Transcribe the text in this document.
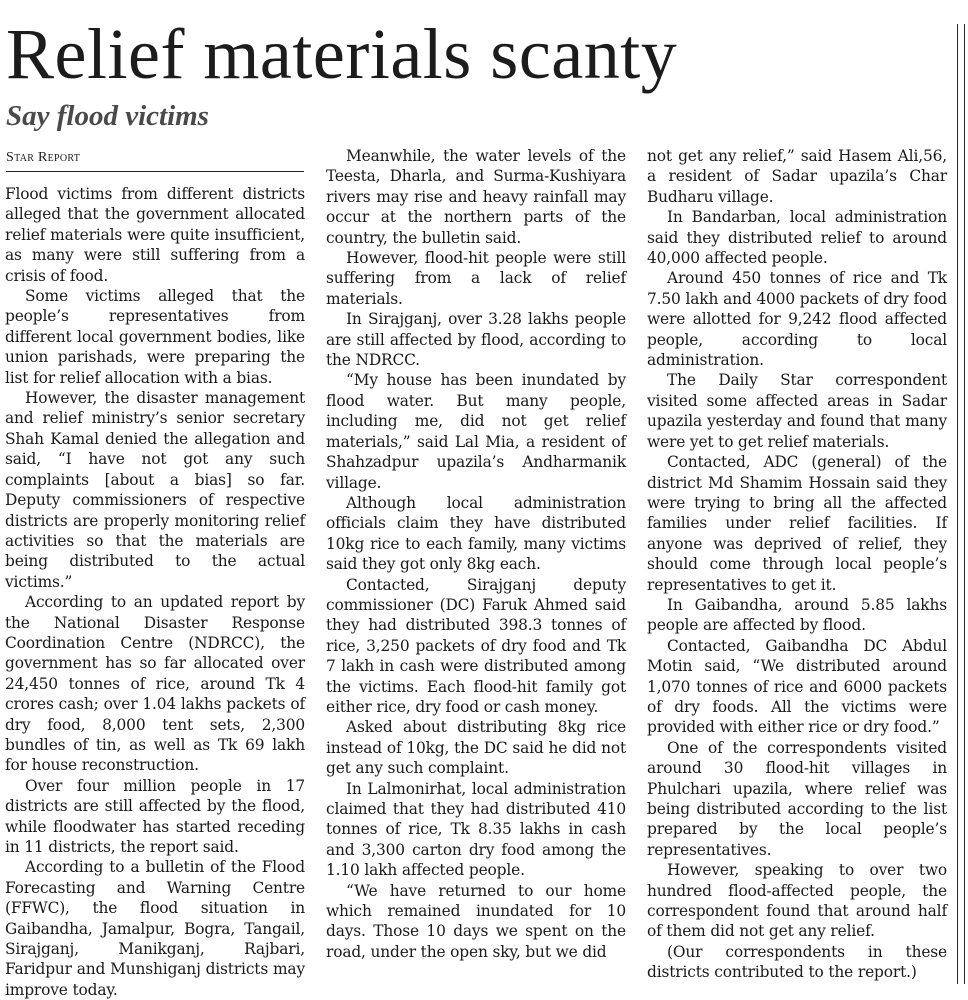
Relief materials scanty
Say flood victims
Star Report

Flood victims from different districts alleged that the government allocated relief materials were quite insufficient, as many were still suffering from a crisis of food.

Some victims alleged that the people’s representatives from different local government bodies, like union parishads, were preparing the list for relief allocation with a bias.

However, the disaster management and relief ministry’s senior secretary Shah Kamal denied the allegation and said, “I have not got any such complaints [about a bias] so far. Deputy commissioners of respective districts are properly monitoring relief activities so that the materials are being distributed to the actual victims.”

According to an updated report by the National Disaster Response Coordination Centre (NDRCC), the government has so far allocated over 24,450 tonnes of rice, around Tk 4 crores cash; over 1.04 lakhs packets of dry food, 8,000 tent sets, 2,300 bundles of tin, as well as Tk 69 lakh for house reconstruction.

Over four million people in 17 districts are still affected by the flood, while floodwater has started receding in 11 districts, the report said.

According to a bulletin of the Flood Forecasting and Warning Centre (FFWC), the flood situation in Gaibandha, Jamalpur, Bogra, Tangail, Sirajganj, Manikganj, Rajbari, Faridpur and Munshiganj districts may improve today.

Meanwhile, the water levels of the Teesta, Dharla, and Surma-Kushiyara rivers may rise and heavy rainfall may occur at the northern parts of the country, the bulletin said.

However, flood-hit people were still suffering from a lack of relief materials.

In Sirajganj, over 3.28 lakhs people are still affected by flood, according to the NDRCC.

“My house has been inundated by flood water. But many people, including me, did not get relief materials,” said Lal Mia, a resident of Shahzadpur upazila’s Andharmanik village.

Although local administration officials claim they have distributed 10kg rice to each family, many victims said they got only 8kg each.

Contacted, Sirajganj deputy commissioner (DC) Faruk Ahmed said they had distributed 398.3 tonnes of rice, 3,250 packets of dry food and Tk 7 lakh in cash were distributed among the victims. Each flood-hit family got either rice, dry food or cash money.

Asked about distributing 8kg rice instead of 10kg, the DC said he did not get any such complaint.

In Lalmonirhat, local administration claimed that they had distributed 410 tonnes of rice, Tk 8.35 lakhs in cash and 3,300 carton dry food among the 1.10 lakh affected people.

“We have returned to our home which remained inundated for 10 days. Those 10 days we spent on the road, under the open sky, but we did

not get any relief,” said Hasem Ali,56, a resident of Sadar upazila’s Char Budharu village.

In Bandarban, local administration said they distributed relief to around 40,000 affected people.

Around 450 tonnes of rice and Tk 7.50 lakh and 4000 packets of dry food were allotted for 9,242 flood affected people, according to local administration.

The Daily Star correspondent visited some affected areas in Sadar upazila yesterday and found that many were yet to get relief materials.

Contacted, ADC (general) of the district Md Shamim Hossain said they were trying to bring all the affected families under relief facilities. If anyone was deprived of relief, they should come through local people’s representatives to get it.

In Gaibandha, around 5.85 lakhs people are affected by flood.

Contacted, Gaibandha DC Abdul Motin said, “We distributed around 1,070 tonnes of rice and 6000 packets of dry foods. All the victims were provided with either rice or dry food.”

One of the correspondents visited around 30 flood-hit villages in Phulchari upazila, where relief was being distributed according to the list prepared by the local people’s representatives.

However, speaking to over two hundred flood-affected people, the correspondent found that around half of them did not get any relief.

(Our correspondents in these districts contributed to the report.)
